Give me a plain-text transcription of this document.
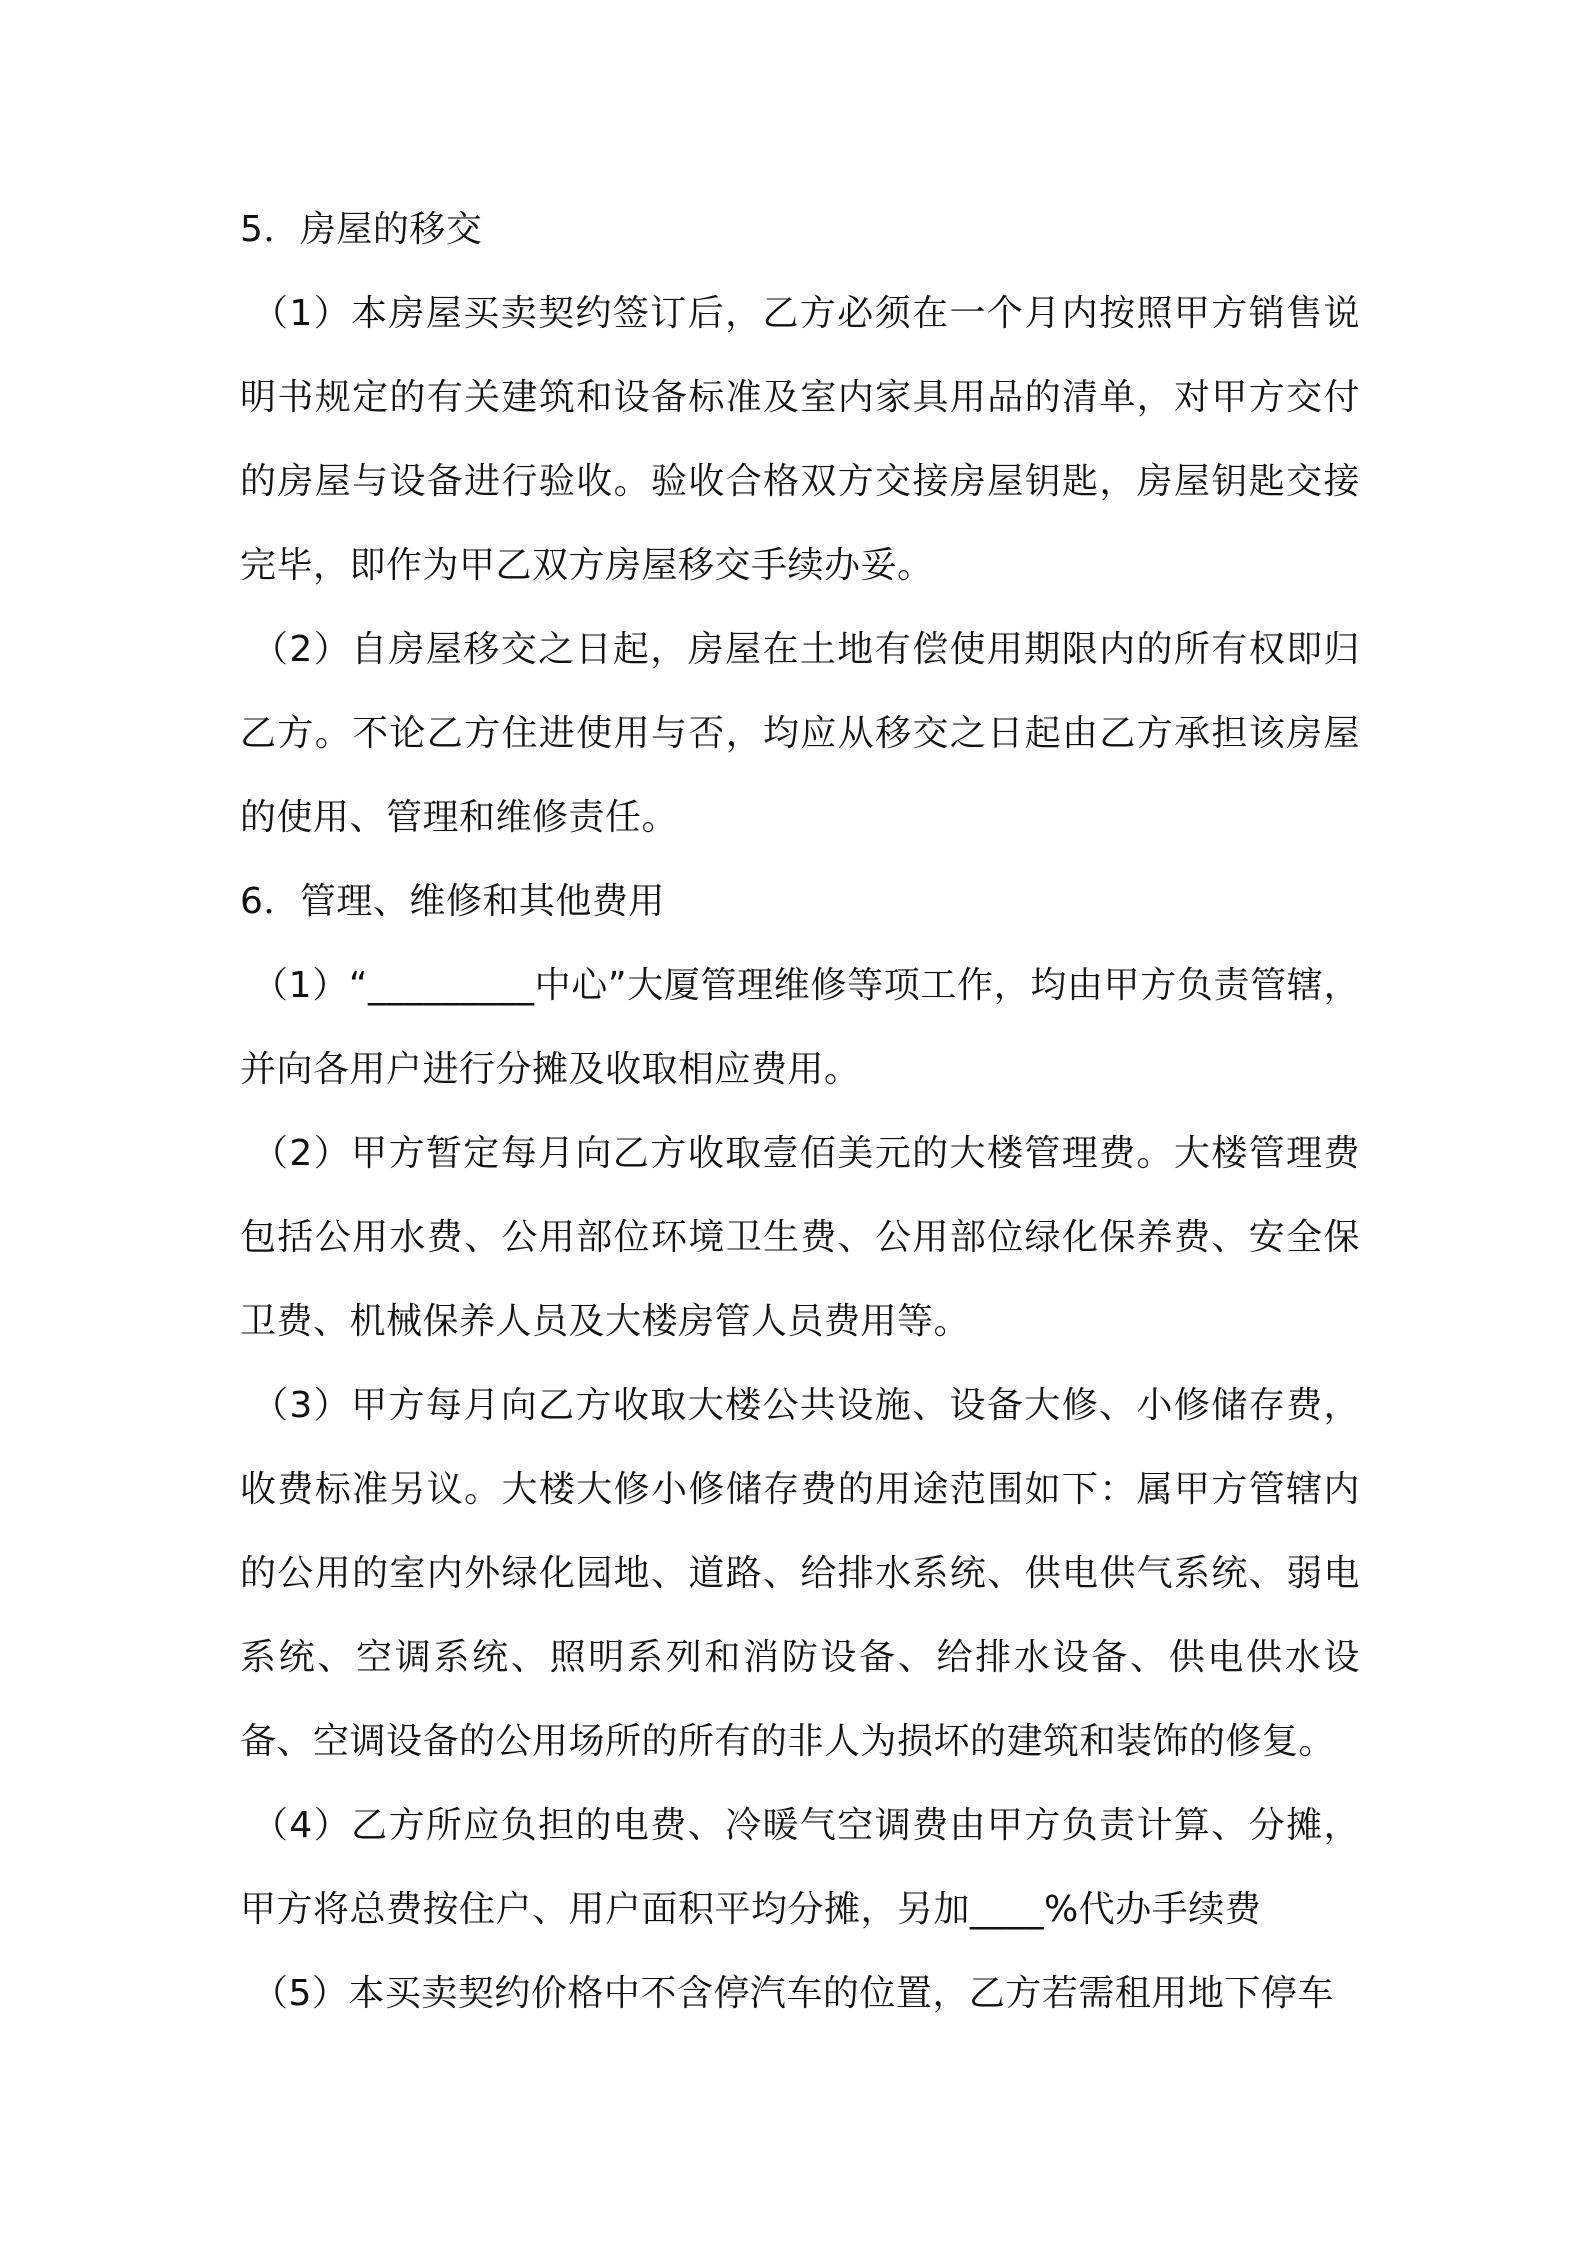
5．房屋的移交

（1）本房屋买卖契约签订后，乙方必须在一个月内按照甲方销售说明书规定的有关建筑和设备标准及室内家具用品的清单，对甲方交付的房屋与设备进行验收。验收合格双方交接房屋钥匙，房屋钥匙交接完毕，即作为甲乙双方房屋移交手续办妥。

（2）自房屋移交之日起，房屋在土地有偿使用期限内的所有权即归乙方。不论乙方住进使用与否，均应从移交之日起由乙方承担该房屋的使用、管理和维修责任。

6．管理、维修和其他费用

（1）“_________中心”大厦管理维修等项工作，均由甲方负责管辖，并向各用户进行分摊及收取相应费用。

（2）甲方暂定每月向乙方收取壹佰美元的大楼管理费。大楼管理费包括公用水费、公用部位环境卫生费、公用部位绿化保养费、安全保卫费、机械保养人员及大楼房管人员费用等。

（3）甲方每月向乙方收取大楼公共设施、设备大修、小修储存费，收费标准另议。大楼大修小修储存费的用途范围如下：属甲方管辖内的公用的室内外绿化园地、道路、给排水系统、供电供气系统、弱电系统、空调系统、照明系列和消防设备、给排水设备、供电供水设备、空调设备的公用场所的所有的非人为损坏的建筑和装饰的修复。

（4）乙方所应负担的电费、冷暖气空调费由甲方负责计算、分摊，甲方将总费按住户、用户面积平均分摊，另加____%代办手续费

（5）本买卖契约价格中不含停汽车的位置，乙方若需租用地下停车
